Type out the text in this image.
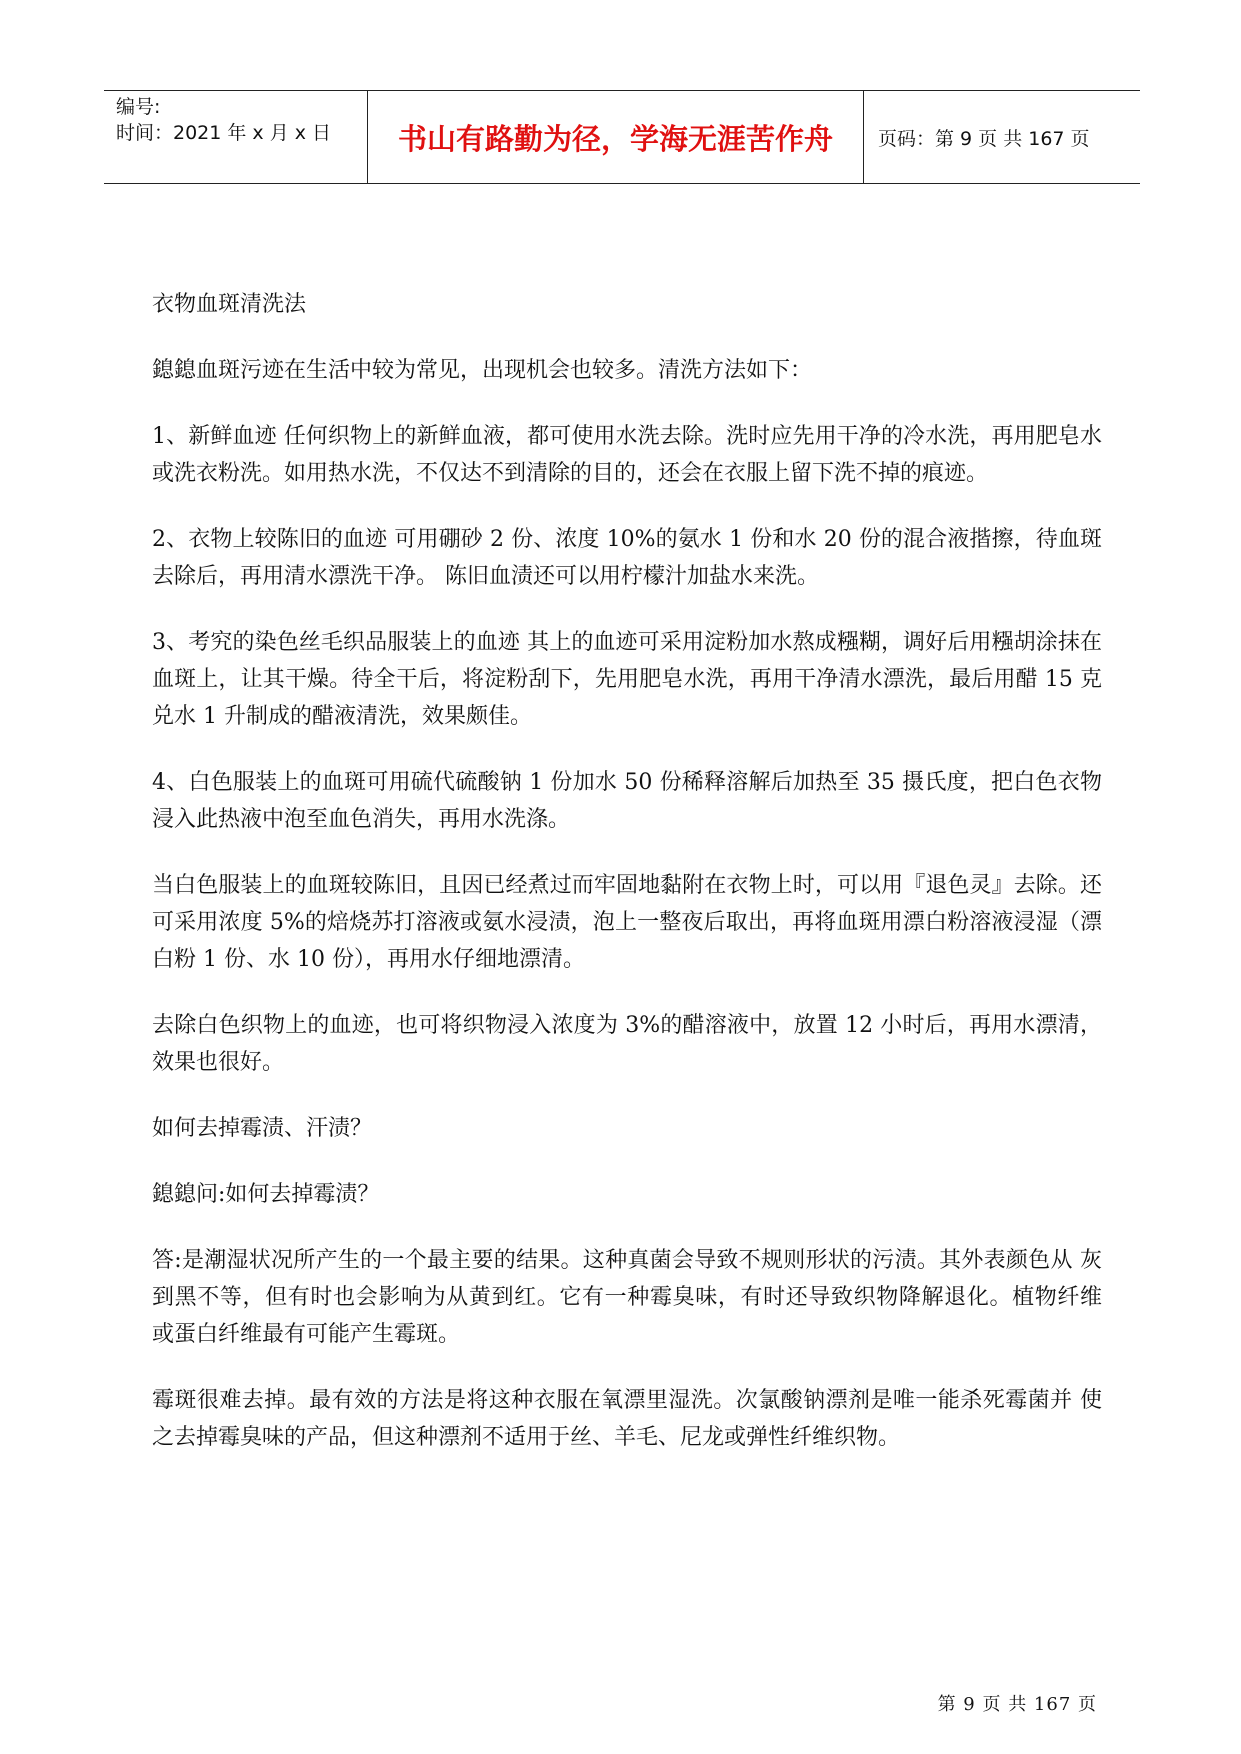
编号:
时间：2021 年 x 月 x 日	书山有路勤为径，学海无涯苦作舟 页码：第 9 页 共 167 页

衣物血斑清洗法

鎴鎴血斑污迹在生活中较为常见，出现机会也较多。清洗方法如下：

1、新鲜血迹 任何织物上的新鲜血液，都可使用水洗去除。洗时应先用干净的冷水洗，再用肥皂水或洗衣粉洗。如用热水洗，不仅达不到清除的目的，还会在衣服上留下洗不掉的痕迹。

2、衣物上较陈旧的血迹 可用硼砂 2 份、浓度 10%的氨水 1 份和水 20 份的混合液揩擦，待血斑去除后，再用清水漂洗干净。 陈旧血渍还可以用柠檬汁加盐水来洗。

3、考究的染色丝毛织品服装上的血迹 其上的血迹可采用淀粉加水熬成糨糊，调好后用糨胡涂抹在血斑上，让其干燥。待全干后，将淀粉刮下，先用肥皂水洗，再用干净清水漂洗，最后用醋 15 克兑水 1 升制成的醋液清洗，效果颇佳。

4、白色服装上的血斑可用硫代硫酸钠 1 份加水 50 份稀释溶解后加热至 35 摄氏度，把白色衣物浸入此热液中泡至血色消失，再用水洗涤。

当白色服装上的血斑较陈旧，且因已经煮过而牢固地黏附在衣物上时，可以用『退色灵』去除。还可采用浓度 5%的焙烧苏打溶液或氨水浸渍，泡上一整夜后取出，再将血斑用漂白粉溶液浸湿（漂白粉 1 份、水 10 份），再用水仔细地漂清。

去除白色织物上的血迹，也可将织物浸入浓度为 3%的醋溶液中，放置 12 小时后，再用水漂清，效果也很好。

如何去掉霉渍、汗渍？

鎴鎴问:如何去掉霉渍？

答:是潮湿状况所产生的一个最主要的结果。这种真菌会导致不规则形状的污渍。其外表颜色从 灰到黑不等，但有时也会影响为从黄到红。它有一种霉臭味，有时还导致织物降解退化。植物纤维 或蛋白纤维最有可能产生霉斑。

霉斑很难去掉。最有效的方法是将这种衣服在氧漂里湿洗。次氯酸钠漂剂是唯一能杀死霉菌并 使之去掉霉臭味的产品，但这种漂剂不适用于丝、羊毛、尼龙或弹性纤维织物。

第 9 页 共 167 页
